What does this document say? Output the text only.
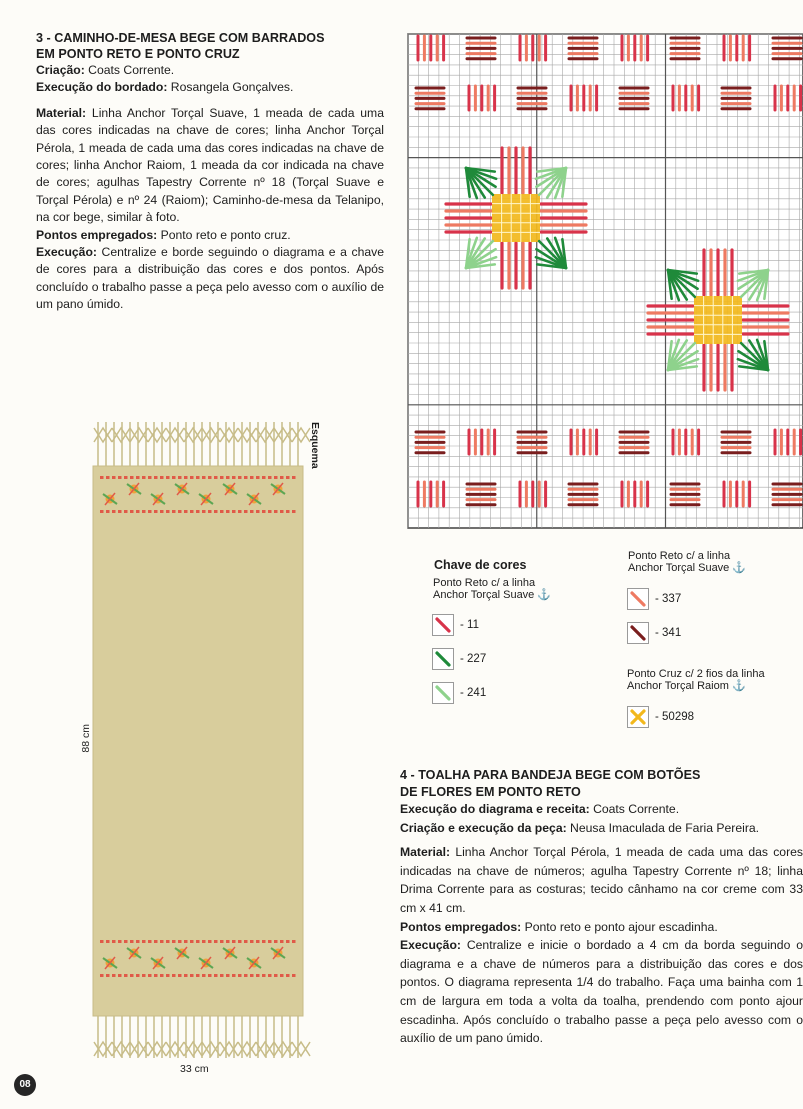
3 - CAMINHO-DE-MESA BEGE COM BARRADOS
EM PONTO RETO E PONTO CRUZ

Criação: Coats Corrente.

Execução do bordado: Rosangela Gonçalves.

Material: Linha Anchor Torçal Suave, 1 meada de cada uma das cores indicadas na chave de cores; linha Anchor Torçal Pérola, 1 meada de cada uma das cores indicadas na chave de cores; linha Anchor Raiom, 1 meada da cor indicada na chave de cores; agulhas Tapestry Corrente nº 18 (Torçal Suave e Torçal Pérola) e nº 24 (Raiom); Caminho-de-mesa da Telanipo, na cor bege, similar à foto.

Pontos empregados: Ponto reto e ponto cruz.

Execução: Centralize e borde seguindo o diagrama e a chave de cores para a distribuição das cores e dos pontos. Após concluído o trabalho passe a peça pelo avesso com o auxílio de um pano úmido.

Chave de cores
Ponto Reto c/ a linha
Anchor Torçal Suave ⚓
- 11
- 227
- 241
Ponto Reto c/ a linha
Anchor Torçal Suave ⚓
- 337
- 341
Ponto Cruz c/ 2 fios da linha
Anchor Torçal Raiom ⚓
- 50298

4 - TOALHA PARA BANDEJA BEGE COM BOTÕES
DE FLORES EM PONTO RETO

Execução do diagrama e receita: Coats Corrente.

Criação e execução da peça: Neusa Imaculada de Faria Pereira.

Material: Linha Anchor Torçal Pérola, 1 meada de cada uma das cores indicadas na chave de números; agulha Tapestry Corrente nº 18; linha Drima Corrente para as costuras; tecido cânhamo na cor creme com 33 cm x 41 cm.

Pontos empregados: Ponto reto e ponto ajour escadinha.

Execução: Centralize e inicie o bordado a 4 cm da borda seguindo o diagrama e a chave de números para a distribuição das cores e dos pontos. O diagrama representa 1/4 do trabalho. Faça uma bainha com 1 cm de largura em toda a volta da toalha, prendendo com ponto ajour escadinha. Após concluído o trabalho passe a peça pelo avesso com o auxílio de um pano úmido.

Esquema
88 cm
33 cm
08
